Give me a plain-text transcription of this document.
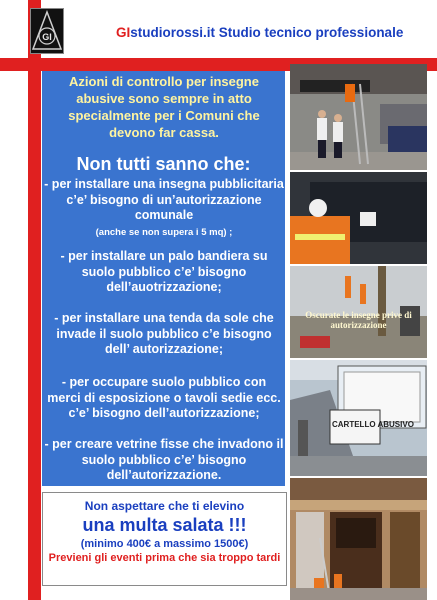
GI	GIstudiorossi.it Studio tecnico professionale

Azioni di controllo per insegne abusive sono sempre in atto specialmente per i Comuni che devono far cassa.

Non tutti sanno che:

- per installare una insegna pubblicitaria c’e’ bisogno di un’autorizzazione comunale
(anche se non supera i 5 mq) ;

- per installare un palo bandiera su suolo pubblico c’e’ bisogno dell’auotrizzazione;

- per installare una tenda da sole che invade il suolo pubblico c’e bisogno dell’ autorizzazione;

- per occupare suolo pubblico con merci di esposizione o tavoli sedie ecc. c’e’ bisogno dell’autorizzazione;

- per creare vetrine fisse che invadono il suolo pubblico c’e’ bisogno dell’autorizzazione.

Non aspettare che ti elevino
una multa salata !!!
(minimo 400€ a massimo 1500€)
Previeni gli eventi prima che sia troppo tardi
Oscurate le insegne prive di autorizzazione
CARTELLO ABUSIVO
